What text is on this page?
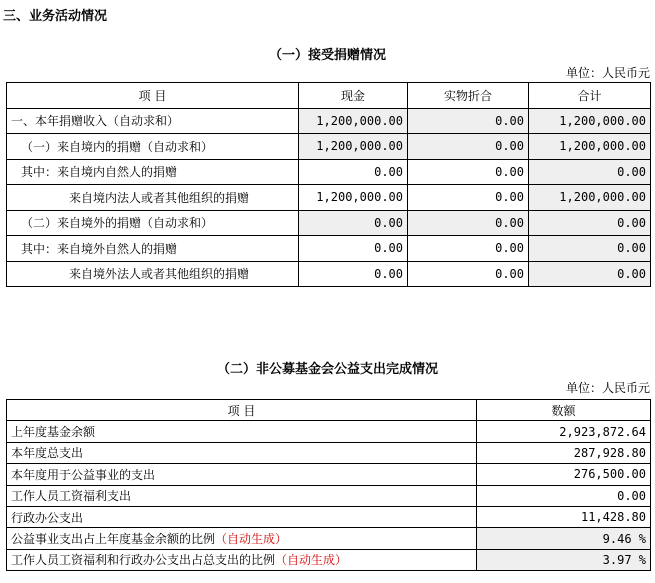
三、业务活动情况
（一）接受捐赠情况
单位：人民币元
项 目	现金	实物折合	合计
一、本年捐赠收入（自动求和）	1,200,000.00	0.00	1,200,000.00
（一）来自境内的捐赠（自动求和）	1,200,000.00	0.00	1,200,000.00
其中：来自境内自然人的捐赠	0.00	0.00	0.00
来自境内法人或者其他组织的捐赠	1,200,000.00	0.00	1,200,000.00
（二）来自境外的捐赠（自动求和）	0.00	0.00	0.00
其中：来自境外自然人的捐赠	0.00	0.00	0.00
来自境外法人或者其他组织的捐赠	0.00	0.00	0.00
（二）非公募基金会公益支出完成情况
单位：人民币元
项 目	数额
上年度基金余额	2,923,872.64
本年度总支出	287,928.80
本年度用于公益事业的支出	276,500.00
工作人员工资福利支出	0.00
行政办公支出	11,428.80
公益事业支出占上年度基金余额的比例（自动生成）	9.46 %
工作人员工资福利和行政办公支出占总支出的比例（自动生成）	3.97 %
